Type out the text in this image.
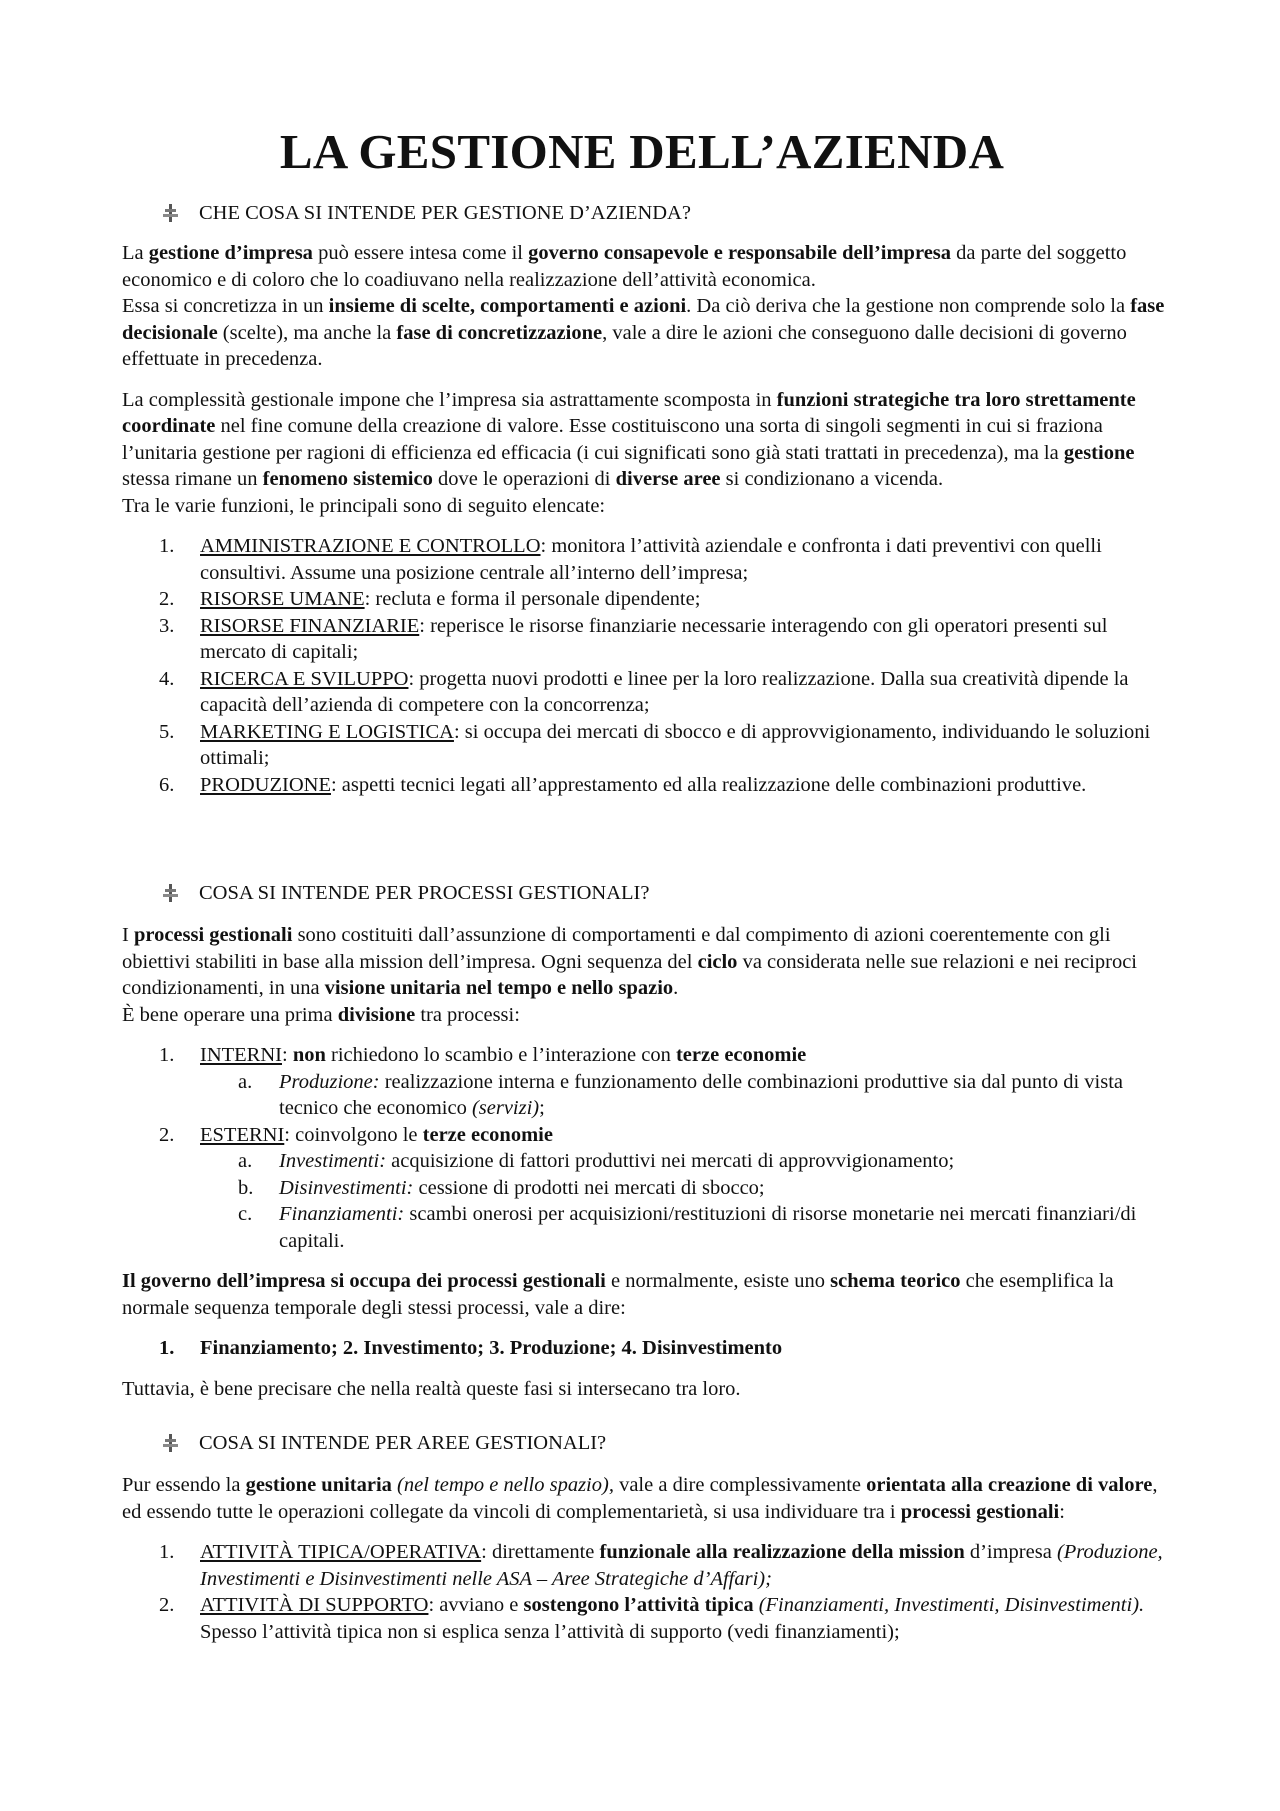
LA GESTIONE DELL’AZIENDA
CHE COSA SI INTENDE PER GESTIONE D’AZIENDA?

La gestione d’impresa può essere intesa come il governo consapevole e responsabile dell’impresa da parte del soggetto economico e di coloro che lo coadiuvano nella realizzazione dell’attività economica.

Essa si concretizza in un insieme di scelte, comportamenti e azioni. Da ciò deriva che la gestione non comprende solo la fase decisionale (scelte), ma anche la fase di concretizzazione, vale a dire le azioni che conseguono dalle decisioni di governo effettuate in precedenza.

La complessità gestionale impone che l’impresa sia astrattamente scomposta in funzioni strategiche tra loro strettamente coordinate nel fine comune della creazione di valore. Esse costituiscono una sorta di singoli segmenti in cui si fraziona l’unitaria gestione per ragioni di efficienza ed efficacia (i cui significati sono già stati trattati in precedenza), ma la gestione stessa rimane un fenomeno sistemico dove le operazioni di diverse aree si condizionano a vicenda.

Tra le varie funzioni, le principali sono di seguito elencate:

1.	AMMINISTRAZIONE E CONTROLLO: monitora l’attività aziendale e confronta i dati preventivi con quelli consultivi. Assume una posizione centrale all’interno dell’impresa;
2.	RISORSE UMANE: recluta e forma il personale dipendente;
3.	RISORSE FINANZIARIE: reperisce le risorse finanziarie necessarie interagendo con gli operatori presenti sul mercato di capitali;
4.	RICERCA E SVILUPPO: progetta nuovi prodotti e linee per la loro realizzazione. Dalla sua creatività dipende la capacità dell’azienda di competere con la concorrenza;
5.	MARKETING E LOGISTICA: si occupa dei mercati di sbocco e di approvvigionamento, individuando le soluzioni ottimali;
6.	PRODUZIONE: aspetti tecnici legati all’apprestamento ed alla realizzazione delle combinazioni produttive.
COSA SI INTENDE PER PROCESSI GESTIONALI?

I processi gestionali sono costituiti dall’assunzione di comportamenti e dal compimento di azioni coerentemente con gli obiettivi stabiliti in base alla mission dell’impresa. Ogni sequenza del ciclo va considerata nelle sue relazioni e nei reciproci condizionamenti, in una visione unitaria nel tempo e nello spazio.

È bene operare una prima divisione tra processi:

1.	INTERNI: non richiedono lo scambio e l’interazione con terze economie
a. Produzione: realizzazione interna e funzionamento delle combinazioni produttive sia dal punto di vista tecnico che economico (servizi);
2.	ESTERNI: coinvolgono le terze economie
a. Investimenti: acquisizione di fattori produttivi nei mercati di approvvigionamento;
b. Disinvestimenti: cessione di prodotti nei mercati di sbocco;
c. Finanziamenti: scambi onerosi per acquisizioni/restituzioni di risorse monetarie nei mercati finanziari/di capitali.

Il governo dell’impresa si occupa dei processi gestionali e normalmente, esiste uno schema teorico che esemplifica la normale sequenza temporale degli stessi processi, vale a dire:

1.	Finanziamento; 2. Investimento; 3. Produzione; 4. Disinvestimento

Tuttavia, è bene precisare che nella realtà queste fasi si intersecano tra loro.

COSA SI INTENDE PER AREE GESTIONALI?

Pur essendo la gestione unitaria (nel tempo e nello spazio), vale a dire complessivamente orientata alla creazione di valore, ed essendo tutte le operazioni collegate da vincoli di complementarietà, si usa individuare tra i processi gestionali:

1.	ATTIVITÀ TIPICA/OPERATIVA: direttamente funzionale alla realizzazione della mission d’impresa (Produzione, Investimenti e Disinvestimenti nelle ASA – Aree Strategiche d’Affari);
2.	ATTIVITÀ DI SUPPORTO: avviano e sostengono l’attività tipica (Finanziamenti, Investimenti, Disinvestimenti). Spesso l’attività tipica non si esplica senza l’attività di supporto (vedi finanziamenti);
